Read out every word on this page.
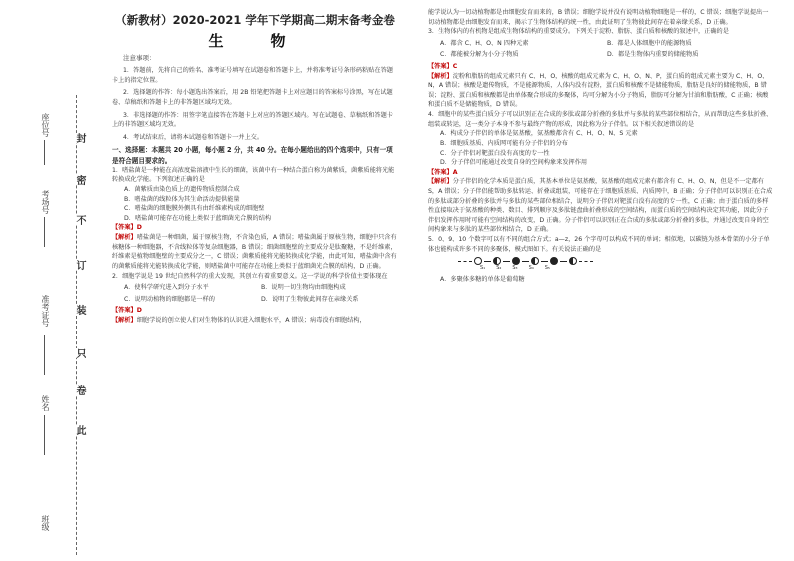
封
不
订
装
只
卷
此
密
座位号
考场号
准考证号
姓名
班级

（新教材）2020-2021 学年下学期高二期末备考金卷

生　物

注意事项：

1．答题前，先将自己的姓名、准考证号填写在试题卷和答题卡上，并将准考证号条形码粘贴在答题卡上的指定位置。

2．选择题的作答：每小题选出答案后，用 2B 铅笔把答题卡上对应题目的答案标号涂黑，写在试题卷、草稿纸和答题卡上的非答题区域均无效。

3．非选择题的作答：用签字笔直接答在答题卡上对应的答题区域内。写在试题卷、草稿纸和答题卡上的非答题区域均无效。

4．考试结束后，请将本试题卷和答题卡一并上交。

一、选择题：本题共 20 小题，每小题 2 分，共 40 分。在每小题给出的四个选项中，只有一项是符合题目要求的。

1．嗜盐菌是一种能在高浓度盐溶液中生长的细菌，该菌中有一种结合蛋白称为菌紫质，菌紫质能将光能转换成化学能。下列叙述正确的是

A．菌紫质由染色质上的遗传物质控制合成

B．嗜盐菌的线粒体为其生命活动提供能量

C．嗜盐菌的细胞膜外侧具有由纤维素构成的细胞壁

D．嗜盐菌可能存在功能上类似于蓝细菌光合膜的结构

【答案】D

【解析】嗜盐菌是一种细菌，属于原核生物，不含染色质，A 错误；嗜盐菌属于原核生物，细胞中只含有核糖体一种细胞器，不含线粒体等复杂细胞器，B 错误；细菌细胞壁的主要成分是肽聚糖，不是纤维素，纤维素是植物细胞壁的主要成分之一，C 错误；菌紫质能将光能转换成化学能，由此可知，嗜盐菌中含有的菌紫质能将光能转换成化学能，则嗜盐菌中可能存在功能上类似于蓝细菌光合膜的结构，D 正确。

2．细胞学说是 19 世纪自然科学的重大发现，其创立有着重要意义。这一学说的科学价值主要体现在

A．使科学研究进入到分子水平	B．说明一切生物均由细胞构成
C．说明动植物的细胞都是一样的	D．说明了生物彼此间存在亲缘关系

【答案】D

【解析】细胞学说的创立使人们对生物体的认识进入细胞水平，A 错误；病毒没有细胞结构，

能学说认为一切动植物都是由细胞发育而来的，B 错误；细胞学说并没有说明动植物细胞是一样的，C 错误；细胞学说提出一切动植物都是由细胞发育而来，揭示了生物体结构的统一性，由此证明了生物彼此间存在着亲缘关系，D 正确。

3．生物体内的有机物是组成生物体结构的重要成分。下列关于淀粉、脂肪、蛋白质和核酸的叙述中，正确的是

A．都含 C、H、O、N 四种元素	B．都是人体细胞中的能源物质
C．都能被分解为小分子物质	D．都是生物体内重要的储能物质

【答案】C

【解析】淀粉和脂肪的组成元素只有 C、H、O，核酸的组成元素为 C、H、O、N、P，蛋白质的组成元素主要为 C、H、O、N，A 错误；核酸是遗传物质，不是能源物质，人体内没有淀粉，蛋白质和核酸不是储能物质，脂肪是良好的储能物质，B 错误；淀粉、蛋白质和核酸都是由单体聚合形成的多聚体，均可分解为小分子物质，脂肪可分解为甘油和脂肪酸，C 正确；核酸和蛋白质不是储能物质，D 错误。

4．细胞中的某些蛋白质分子可以识别正在合成的多肽或部分折叠的多肽并与多肽的某些部位相结合，从而帮助这些多肽折叠、组装或转运，这一类分子本身不参与最终产物的形成，因此称为分子伴侣。以下相关叙述错误的是

A．构成分子伴侣的单体是氨基酸，氨基酸都含有 C、H、O、N、S 元素

B．细胞质基质、内质网可能有分子伴侣的分布

C．分子伴侣对靶蛋白没有高度的专一性

D．分子伴侣可能通过改变自身的空间构象来发挥作用

【答案】A

【解析】分子伴侣的化学本质是蛋白质，其基本单位是氨基酸，氨基酸的组成元素有都含有 C、H、O、N，但是不一定都有 S，A 错误；分子伴侣能帮助多肽转运、折叠或组装，可能存在于细胞质基质、内质网中，B 正确；分子伴侣可以识别正在合成的多肽或部分折叠的多肽并与多肽的某些部位相结合，说明分子伴侣对靶蛋白没有高度的专一性，C 正确；由于蛋白质的多样性直接取决于氨基酸的种类、数目、排列顺序及多肽链盘曲折叠形成的空间结构，而蛋白质的空间结构决定其功能，因此分子伴侣发挥作用时可能有空间结构的改变，D 正确。分子伴侣可以识别正在合成的多肽或部分折叠的多肽，并通过改变自身的空间构象来与多肽的某些部位相结合，D 正确。

5．0、9、10 个数字可以有不同的组合方式；a—z，26 个字母可以构成不同的单词；相似地，以碳链为基本骨架的小分子单体也能构成许多不同的多聚体，模式图如下。有关说法正确的是

S₁ S₂ S₃ S₄ S₅

A．多聚体多糖的单体是葡萄糖
